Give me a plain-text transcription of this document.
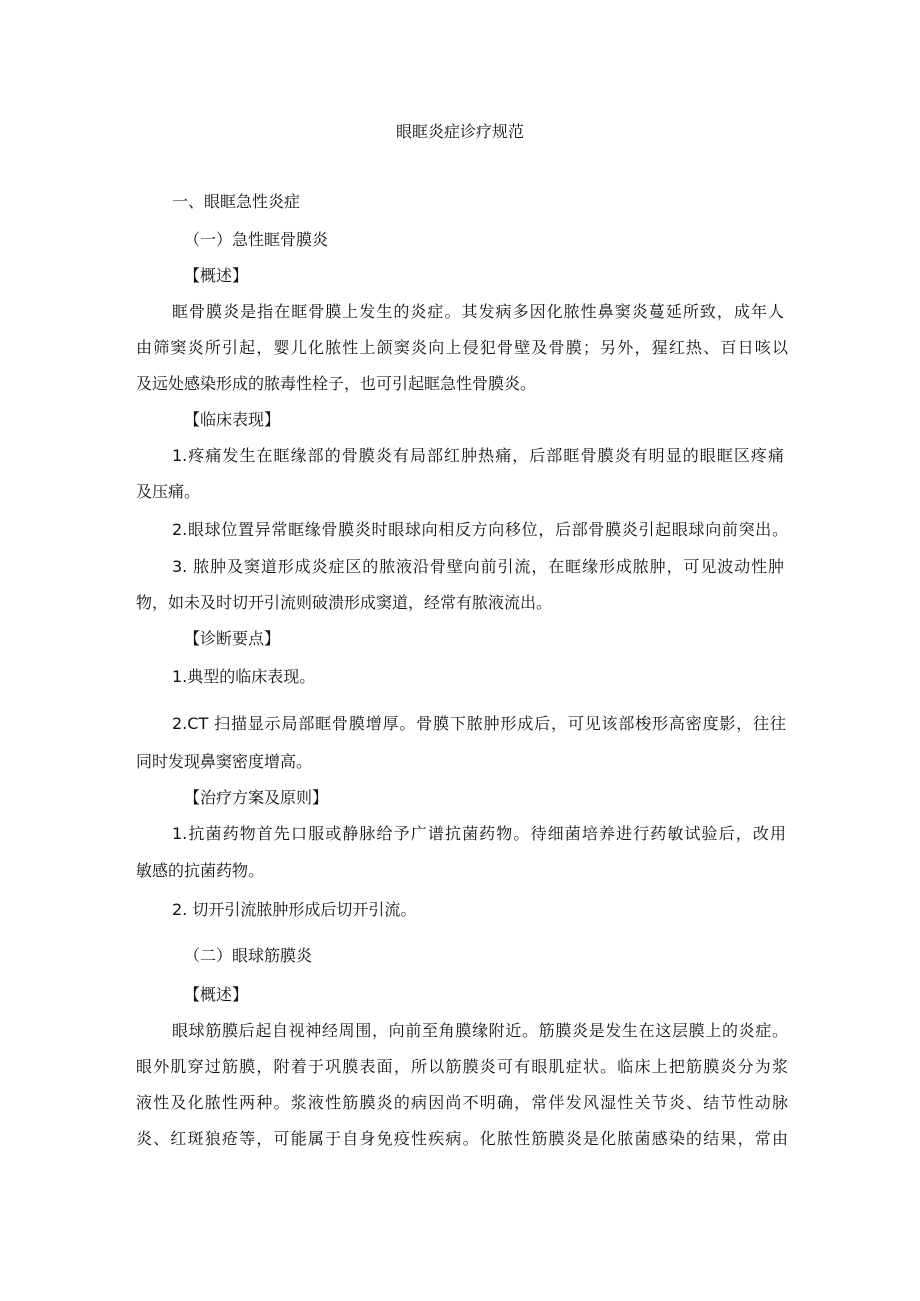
眼眶炎症诊疗规范
一、眼眶急性炎症
（一）急性眶骨膜炎
【概述】
眶骨膜炎是指在眶骨膜上发生的炎症。其发病多因化脓性鼻窦炎蔓延所致，成年人
由筛窦炎所引起，婴儿化脓性上颌窦炎向上侵犯骨壁及骨膜；另外，猩红热、百日咳以
及远处感染形成的脓毒性栓子，也可引起眶急性骨膜炎。
【临床表现】
1.疼痛发生在眶缘部的骨膜炎有局部红肿热痛，后部眶骨膜炎有明显的眼眶区疼痛
及压痛。
2.眼球位置异常眶缘骨膜炎时眼球向相反方向移位，后部骨膜炎引起眼球向前突出。
3. 脓肿及窦道形成炎症区的脓液沿骨壁向前引流，在眶缘形成脓肿，可见波动性肿
物，如未及时切开引流则破溃形成窦道，经常有脓液流出。
【诊断要点】
1.典型的临床表现。
2.CT 扫描显示局部眶骨膜增厚。骨膜下脓肿形成后，可见该部梭形高密度影，往往
同时发现鼻窦密度增高。
【治疗方案及原则】
1.抗菌药物首先口服或静脉给予广谱抗菌药物。待细菌培养进行药敏试验后，改用
敏感的抗菌药物。
2. 切开引流脓肿形成后切开引流。
（二）眼球筋膜炎
【概述】
眼球筋膜后起自视神经周围，向前至角膜缘附近。筋膜炎是发生在这层膜上的炎症。
眼外肌穿过筋膜，附着于巩膜表面，所以筋膜炎可有眼肌症状。临床上把筋膜炎分为浆
液性及化脓性两种。浆液性筋膜炎的病因尚不明确，常伴发风湿性关节炎、结节性动脉
炎、红斑狼疮等，可能属于自身免疫性疾病。化脓性筋膜炎是化脓菌感染的结果，常由
